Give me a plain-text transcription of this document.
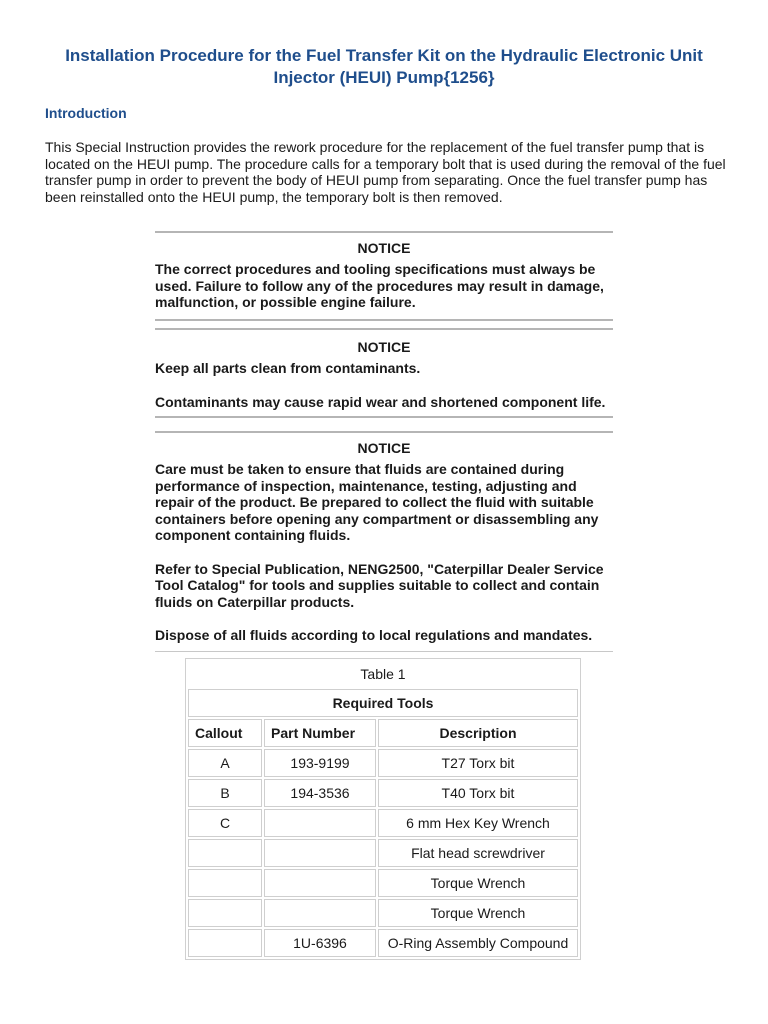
Installation Procedure for the Fuel Transfer Kit on the Hydraulic Electronic Unit Injector (HEUI) Pump{1256}
Introduction

This Special Instruction provides the rework procedure for the replacement of the fuel transfer pump that is located on the HEUI pump. The procedure calls for a temporary bolt that is used during the removal of the fuel transfer pump in order to prevent the body of HEUI pump from separating. Once the fuel transfer pump has been reinstalled onto the HEUI pump, the temporary bolt is then removed.

NOTICE

The correct procedures and tooling specifications must always be used. Failure to follow any of the procedures may result in damage, malfunction, or possible engine failure.

NOTICE

Keep all parts clean from contaminants.

Contaminants may cause rapid wear and shortened component life.

NOTICE

Care must be taken to ensure that fluids are contained during performance of inspection, maintenance, testing, adjusting and repair of the product. Be prepared to collect the fluid with suitable containers before opening any compartment or disassembling any component containing fluids.

Refer to Special Publication, NENG2500, "Caterpillar Dealer Service Tool Catalog" for tools and supplies suitable to collect and contain fluids on Caterpillar products.

Dispose of all fluids according to local regulations and mandates.

Table 1		
Required Tools		
Callout	Part Number	Description
A	193-9199	T27 Torx bit
B	194-3536	T40 Torx bit
C		6 mm Hex Key Wrench
		Flat head screwdriver
		Torque Wrench
		Torque Wrench
	1U-6396	O-Ring Assembly Compound
